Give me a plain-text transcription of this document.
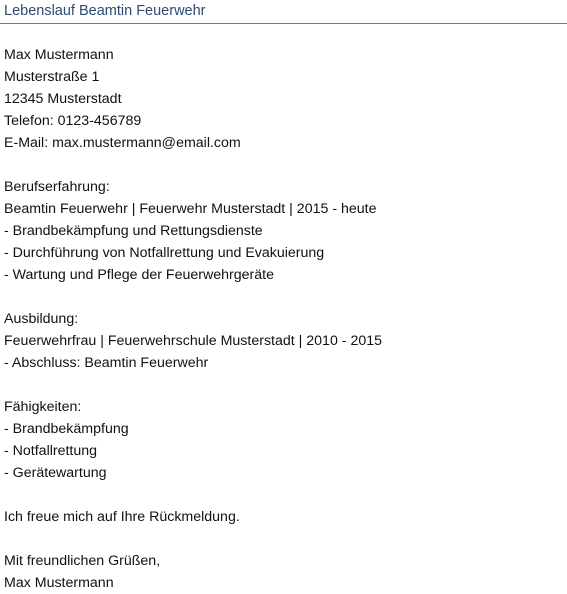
Lebenslauf Beamtin Feuerwehr
Max Mustermann
Musterstraße 1
12345 Musterstadt
Telefon: 0123-456789
E-Mail: max.mustermann@email.com
Berufserfahrung:
Beamtin Feuerwehr | Feuerwehr Musterstadt | 2015 - heute
- Brandbekämpfung und Rettungsdienste
- Durchführung von Notfallrettung und Evakuierung
- Wartung und Pflege der Feuerwehrgeräte
Ausbildung:
Feuerwehrfrau | Feuerwehrschule Musterstadt | 2010 - 2015
- Abschluss: Beamtin Feuerwehr
Fähigkeiten:
- Brandbekämpfung
- Notfallrettung
- Gerätewartung
Ich freue mich auf Ihre Rückmeldung.
Mit freundlichen Grüßen,
Max Mustermann
